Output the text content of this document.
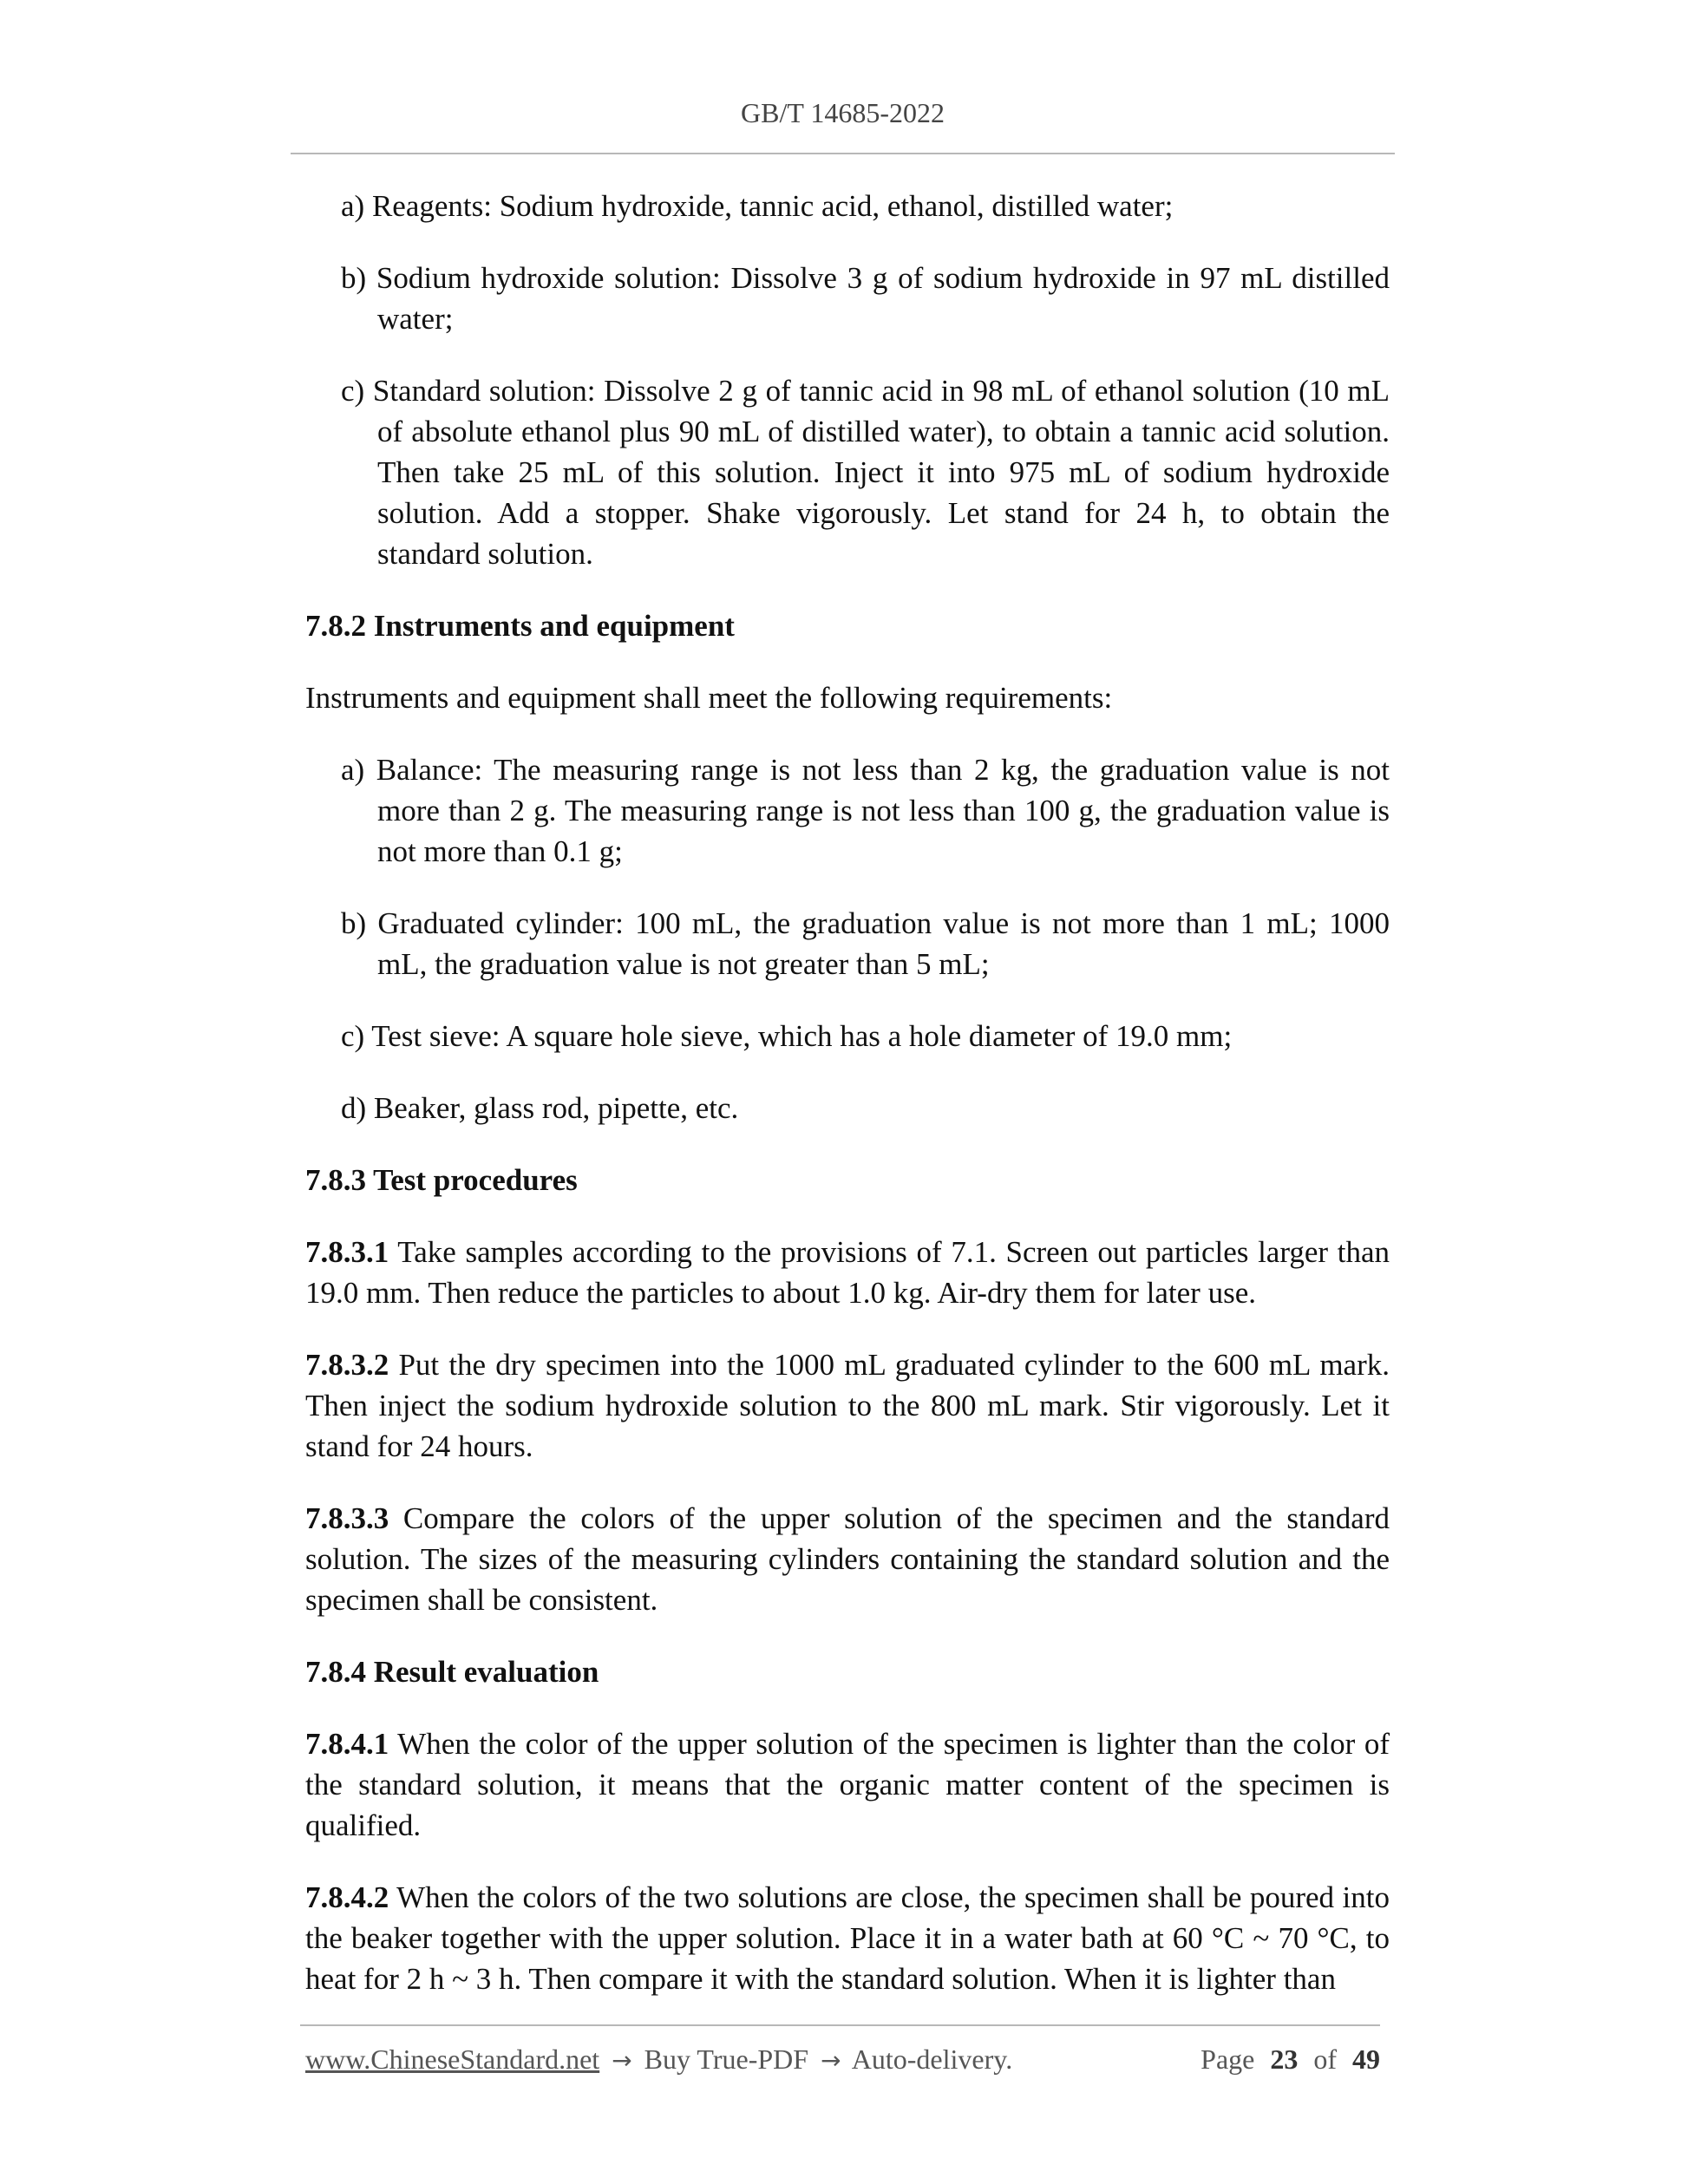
GB/T 14685-2022

a) Reagents: Sodium hydroxide, tannic acid, ethanol, distilled water;

b) Sodium hydroxide solution: Dissolve 3 g of sodium hydroxide in 97 mL distilled water;

c) Standard solution: Dissolve 2 g of tannic acid in 98 mL of ethanol solution (10 mL of absolute ethanol plus 90 mL of distilled water), to obtain a tannic acid solution. Then take 25 mL of this solution. Inject it into 975 mL of sodium hydroxide solution. Add a stopper. Shake vigorously. Let stand for 24 h, to obtain the standard solution.

7.8.2 Instruments and equipment

Instruments and equipment shall meet the following requirements:

a) Balance: The measuring range is not less than 2 kg, the graduation value is not more than 2 g. The measuring range is not less than 100 g, the graduation value is not more than 0.1 g;

b) Graduated cylinder: 100 mL, the graduation value is not more than 1 mL; 1000 mL, the graduation value is not greater than 5 mL;

c) Test sieve: A square hole sieve, which has a hole diameter of 19.0 mm;

d) Beaker, glass rod, pipette, etc.

7.8.3 Test procedures

7.8.3.1 Take samples according to the provisions of 7.1. Screen out particles larger than 19.0 mm. Then reduce the particles to about 1.0 kg. Air-dry them for later use.

7.8.3.2 Put the dry specimen into the 1000 mL graduated cylinder to the 600 mL mark. Then inject the sodium hydroxide solution to the 800 mL mark. Stir vigorously. Let it stand for 24 hours.

7.8.3.3 Compare the colors of the upper solution of the specimen and the standard solution. The sizes of the measuring cylinders containing the standard solution and the specimen shall be consistent.

7.8.4 Result evaluation

7.8.4.1 When the color of the upper solution of the specimen is lighter than the color of the standard solution, it means that the organic matter content of the specimen is qualified.

7.8.4.2 When the colors of the two solutions are close, the specimen shall be poured into the beaker together with the upper solution. Place it in a water bath at 60 °C ~ 70 °C, to heat for 2 h ~ 3 h. Then compare it with the standard solution. When it is lighter than

www.ChineseStandard.net → Buy True-PDF → Auto-delivery.	Page 23 of 49
